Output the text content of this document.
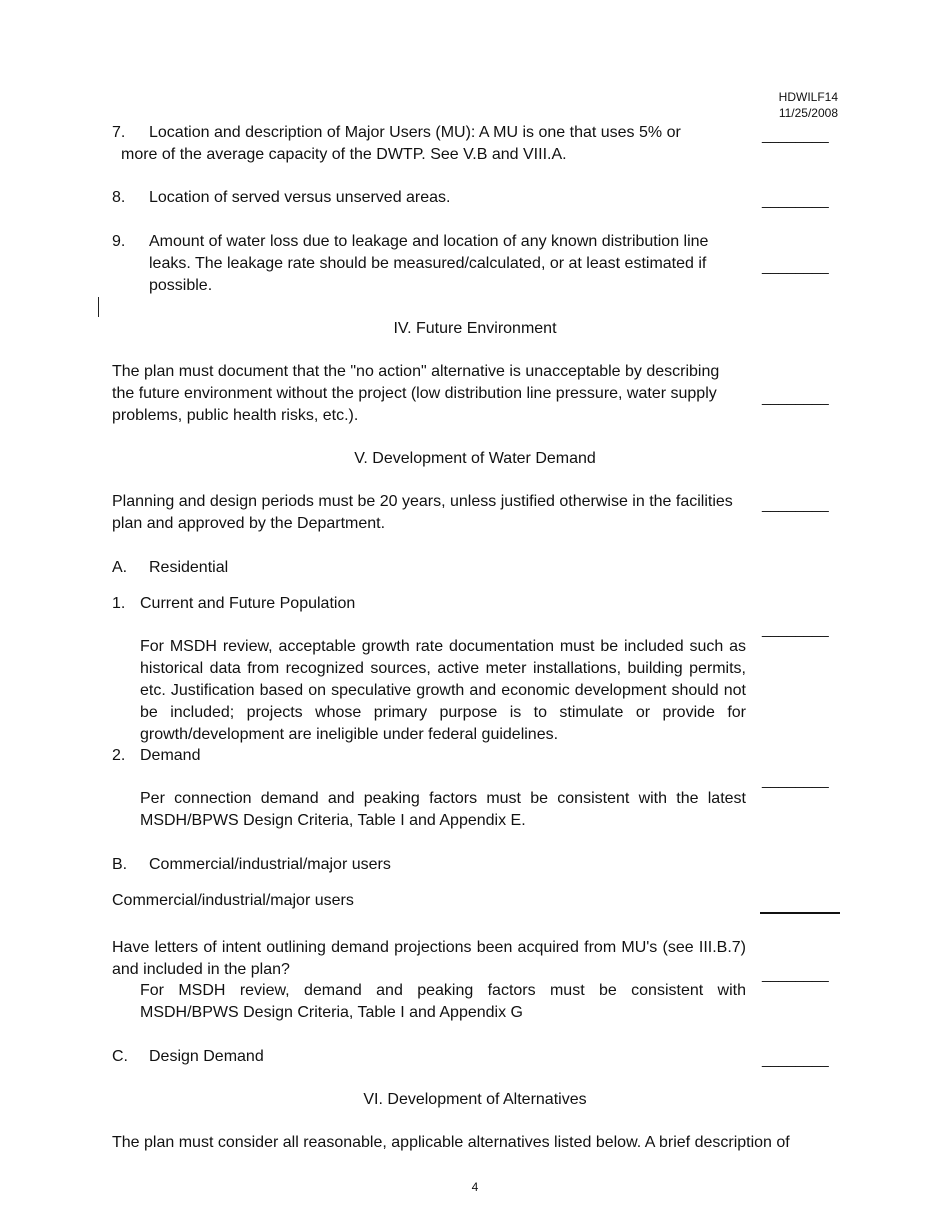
HDWILF14
11/25/2008
7. Location and description of Major Users (MU): A MU is one that uses 5% or
more of the average capacity of the DWTP. See V.B and VIII.A.
________
8. Location of served versus unserved areas.	________
9. Amount of water loss due to leakage and location of any known distribution line
leaks. The leakage rate should be measured/calculated, or at least estimated if
possible.
________
IV. Future Environment
The plan must document that the "no action" alternative is unacceptable by describing
the future environment without the project (low distribution line pressure, water supply
problems, public health risks, etc.).
________
V. Development of Water Demand
Planning and design periods must be 20 years, unless justified otherwise in the facilities
plan and approved by the Department.
________
A. Residential
1. Current and Future Population
________
For MSDH review, acceptable growth rate documentation must be included such as historical data from recognized sources, active meter installations, building permits, etc. Justification based on speculative growth and economic development should not be included; projects whose primary purpose is to stimulate or provide for growth/development are ineligible under federal guidelines.
2. Demand
________
Per connection demand and peaking factors must be consistent with the latest MSDH/BPWS Design Criteria, Table I and Appendix E.
B. Commercial/industrial/major users
Commercial/industrial/major users
Have letters of intent outlining demand projections been acquired from MU's (see III.B.7) and included in the plan?	________
For MSDH review, demand and peaking factors must be consistent with MSDH/BPWS Design Criteria, Table I and Appendix G
C. Design Demand	________
VI. Development of Alternatives
The plan must consider all reasonable, applicable alternatives listed below. A brief description of
4
